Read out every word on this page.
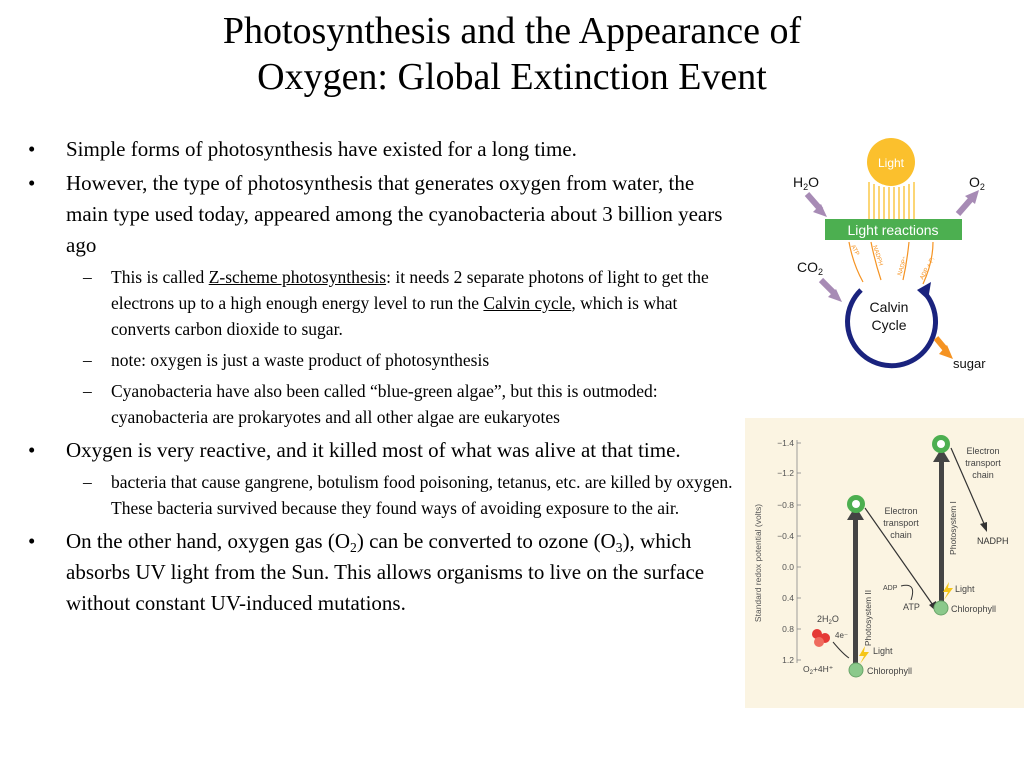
Photosynthesis and the Appearance of
Oxygen: Global Extinction Event
• Simple forms of photosynthesis have existed for a long time.
• However, the type of photosynthesis that generates oxygen from water, the main type used today, appeared among the cyanobacteria about 3 billion years ago
– This is called Z-scheme photosynthesis: it needs 2 separate photons of light to get the electrons up to a high enough energy level to run the Calvin cycle, which is what converts carbon dioxide to sugar.
– note: oxygen is just a waste product of photosynthesis
– Cyanobacteria have also been called “blue-green algae”, but this is outmoded: cyanobacteria are prokaryotes and all other algae are eukaryotes
• Oxygen is very reactive, and it killed most of what was alive at that time.
– bacteria that cause gangrene, botulism food poisoning, tetanus, etc. are killed by oxygen. These bacteria survived because they found ways of avoiding exposure to the air.
• On the other hand, oxygen gas $(O_2)$ can be converted to ozone $(O_3)$, which absorbs UV light from the Sun. This allows organisms to live on the surface without constant UV-induced mutations.
Light
$H_2O$	$O_2$
Light reactions
ATP NADPH NADP⁺ ADP + Pᵢ
$CO_2$
Calvin
Cycle
sugar
Standard redox potential (volts)
−1.4
−1.2
−0.8
−0.4
0.0
0.4
0.8
1.2
Photosystem II
Electron
transport
chain
ADP
ATP
Photosystem I
Electron
transport
chain
NADPH
Light
Chlorophyll
$2H_2O$
4e⁻
$O_2+4H^+$
Light
Chlorophyll
